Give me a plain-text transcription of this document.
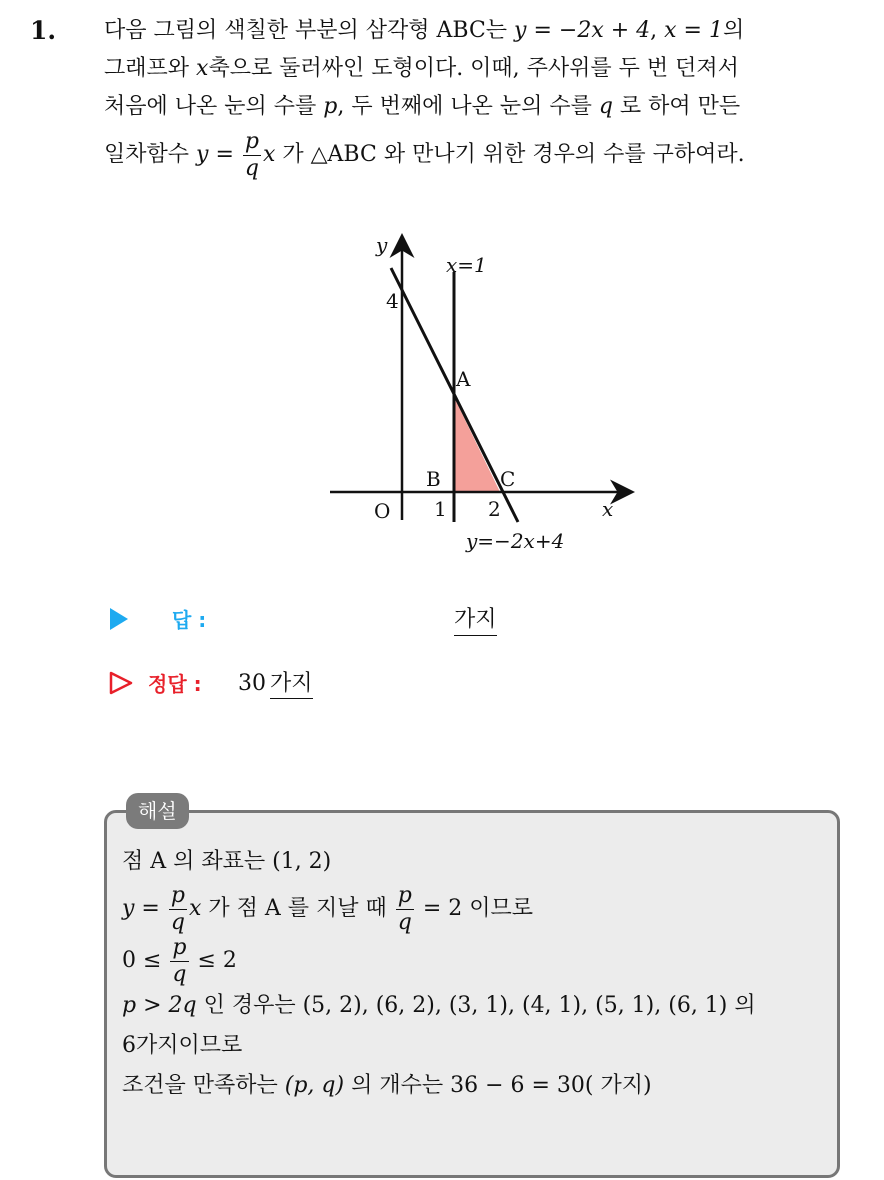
1. 다음 그림의 색칠한 부분의 삼각형 ABC는 y = −2x + 4, x = 1의
그래프와 x축으로 둘러싸인 도형이다. 이때, 주사위를 두 번 던져서
처음에 나온 눈의 수를 p, 두 번째에 나온 눈의 수를 q 로 하여 만든
일차함수 $y = \frac{p}{q}$ x 가 △ABC 와 만나기 위한 경우의 수를 구하여라.

y
x
O
4
1 2
A
B	C
x=1
y=−2x+4
답 :	가지
정답 : 30 가지
해설
점 A 의 좌표는 (1, 2)
$y = \frac{p}{q}$ x 가 점 A 를 지날 때 $\frac{p}{q} = 2$ 이므로
$0 \le \frac{p}{q} \le 2$
p > 2q 인 경우는 (5, 2), (6, 2), (3, 1), (4, 1), (5, 1), (6, 1) 의
6가지이므로
조건을 만족하는 (p, q) 의 개수는 36 − 6 = 30( 가지)
